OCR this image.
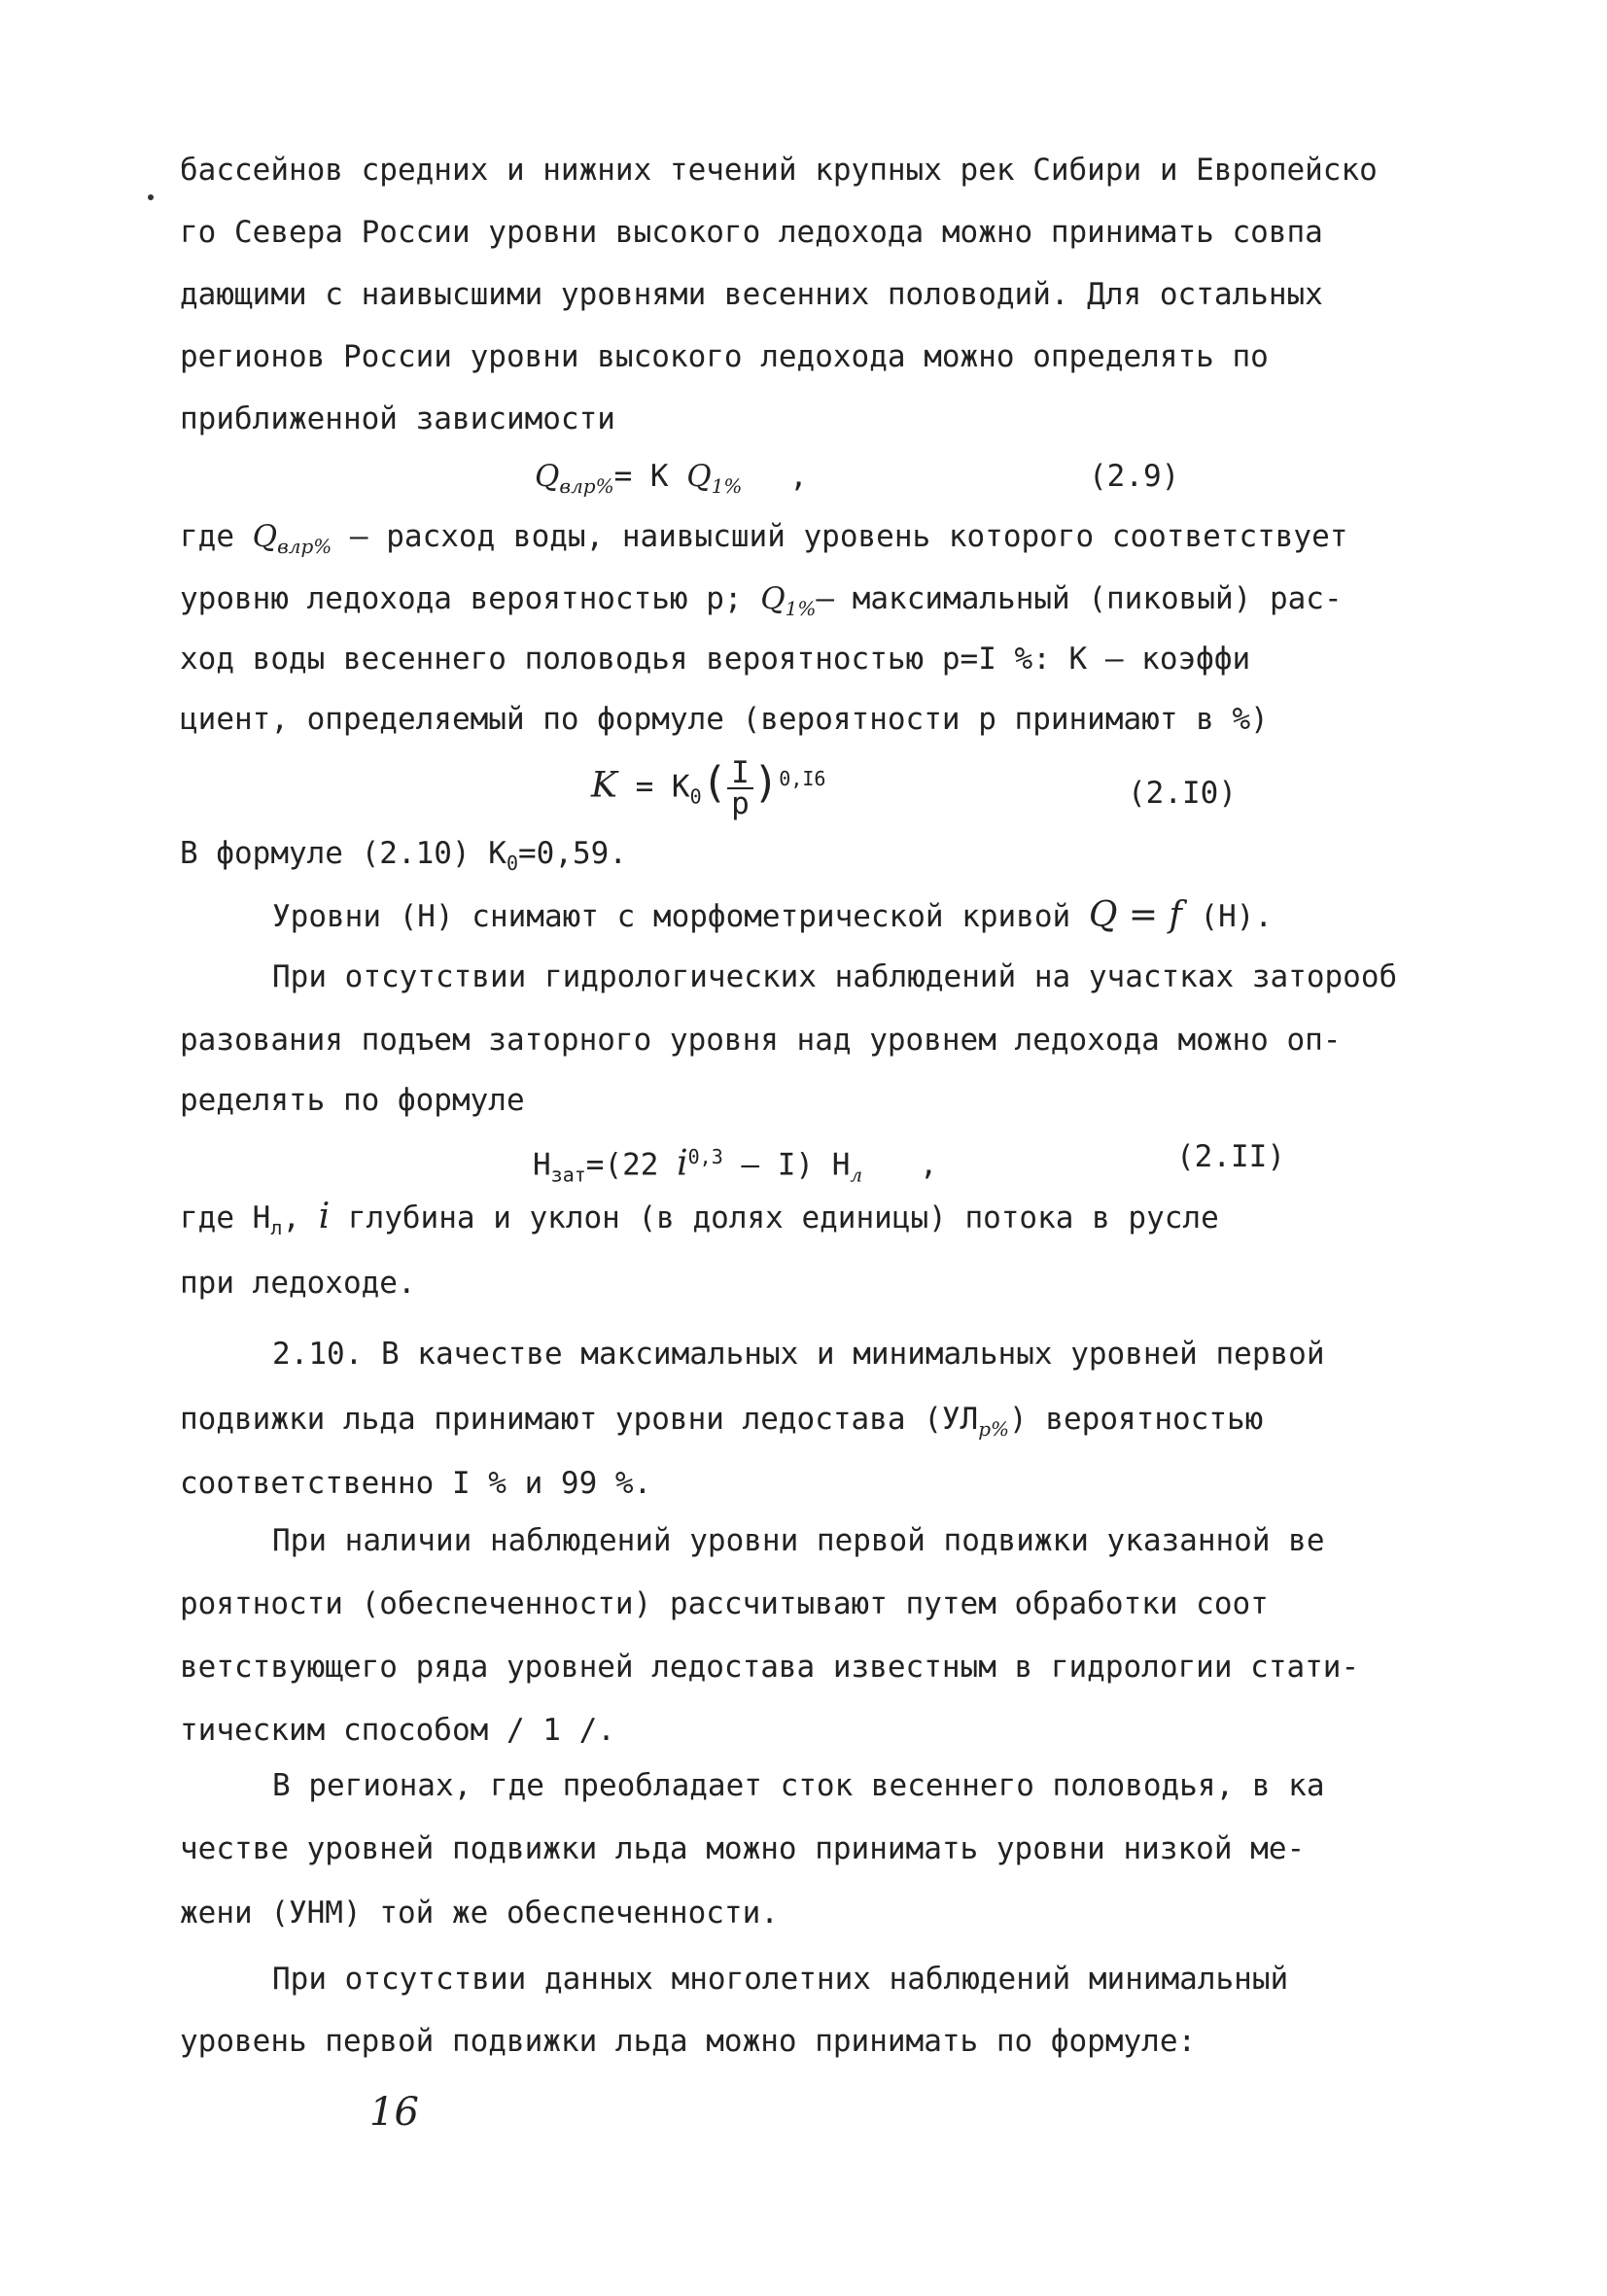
бассейнов средних и нижних течений крупных рек Сибири и Европейско
го Севера России уровни высокого ледохода можно принимать совпа
дающими с наивысшими уровнями весенних половодий. Для остальных
регионов России уровни высокого ледохода можно определять по
приближенной зависимости
$Q_{влр\%}= K$ $Q_{1\%}$ ,	(2.9)
где $Q_{влр\%}$ – расход воды, наивысший уровень которого соответствует
уровню ледохода вероятностью р; $Q_{1\%}-$ максимальный (пиковый) рас-
ход воды весеннего половодья вероятностью р=I %: К – коэффи
циент, определяемый по формуле (вероятности р принимают в %)
$K = K_0( \frac{I}{p} )^{0,I6}$	(2.I0)
В формуле (2.10) $К_0=0,59$.
Уровни (Н) снимают с морфометрической кривой Q = f (Н).
При отсутствии гидрологических наблюдений на участках заторооб
разования подъем заторного уровня над уровнем ледохода можно оп-
ределять по формуле
$Н_{зат}=(22$ $i^{0,3} - I$) $Н_л$ ,	(2.II)
где $Н_л$, i глубина и уклон (в долях единицы) потока в русле
при ледоходе.
2.10. В качестве максимальных и минимальных уровней первой
подвижки льда принимают уровни ледостава $(УЛ_{р\%})$ вероятностью
соответственно I % и 99 %.
При наличии наблюдений уровни первой подвижки указанной ве
роятности (обеспеченности) рассчитывают путем обработки соот
ветствующего ряда уровней ледостава известным в гидрологии стати-
тическим способом / 1 /.
В регионах, где преобладает сток весеннего половодья, в ка
честве уровней подвижки льда можно принимать уровни низкой ме-
жени (УНМ) той же обеспеченности.
При отсутствии данных многолетних наблюдений минимальный
уровень первой подвижки льда можно принимать по формуле:
16
